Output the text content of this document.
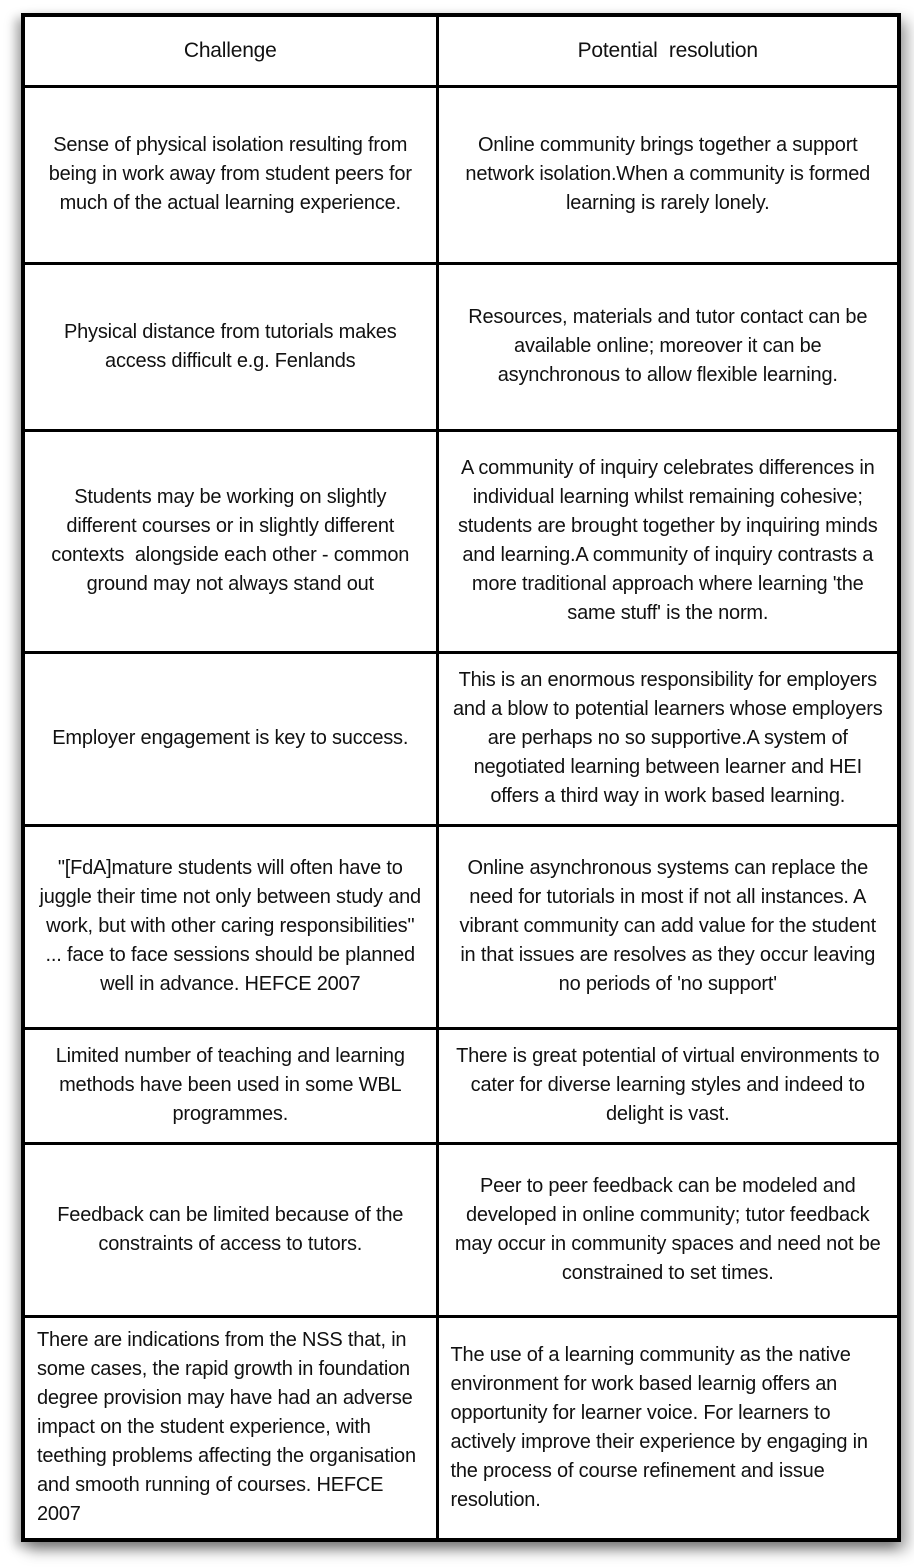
Challenge	Potential  resolution
Sense of physical isolation resulting from being in work away from student peers for much of the actual learning experience.	Online community brings together a support network isolation.When a community is formed learning is rarely lonely.
Physical distance from tutorials makes access difficult e.g. Fenlands	Resources, materials and tutor contact can be available online; moreover it can be asynchronous to allow flexible learning.
Students may be working on slightly different courses or in slightly different contexts  alongside each other - common ground may not always stand out	A community of inquiry celebrates differences in individual learning whilst remaining cohesive; students are brought together by inquiring minds and learning.A community of inquiry contrasts a more traditional approach where learning 'the same stuff' is the norm.
Employer engagement is key to success.	This is an enormous responsibility for employers and a blow to potential learners whose employers are perhaps no so supportive.A system of negotiated learning between learner and HEI offers a third way in work based learning.
"[FdA]mature students will often have to juggle their time not only between study and work, but with other caring responsibilities" ... face to face sessions should be planned well in advance. HEFCE 2007	Online asynchronous systems can replace the need for tutorials in most if not all instances. A vibrant community can add value for the student in that issues are resolves as they occur leaving no periods of 'no support'
Limited number of teaching and learning methods have been used in some WBL programmes.	There is great potential of virtual environments to cater for diverse learning styles and indeed to delight is vast.
Feedback can be limited because of the constraints of access to tutors.	Peer to peer feedback can be modeled and developed in online community; tutor feedback may occur in community spaces and need not be constrained to set times.
There are indications from the NSS that, in some cases, the rapid growth in foundation degree provision may have had an adverse impact on the student experience, with teething problems affecting the organisation and smooth running of courses. HEFCE 2007	The use of a learning community as the native environment for work based learnig offers an opportunity for learner voice. For learners to actively improve their experience by engaging in the process of course refinement and issue resolution.
